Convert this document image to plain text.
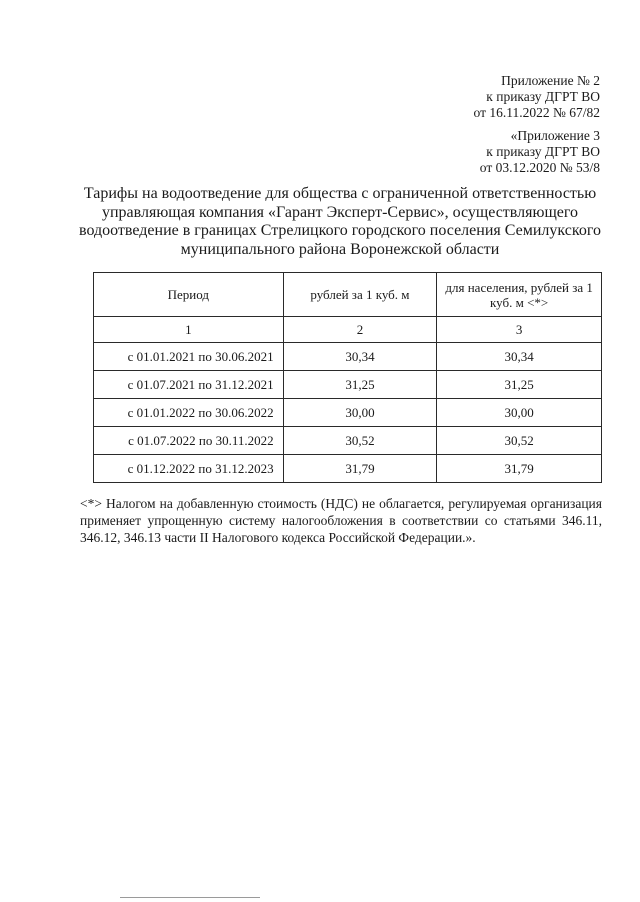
Приложение № 2
к приказу ДГРТ ВО
от 16.11.2022 № 67/82
«Приложение 3
к приказу ДГРТ ВО
от 03.12.2020 № 53/8
Тарифы на водоотведение для общества с ограниченной ответственностью управляющая компания «Гарант Эксперт-Сервис», осуществляющего водоотведение в границах Стрелицкого городского поселения Семилукского муниципального района Воронежской области
Период	рублей за 1 куб. м	для населения, рублей за 1 куб. м <*>
1	2	3
с 01.01.2021 по 30.06.2021	30,34	30,34
с 01.07.2021 по 31.12.2021	31,25	31,25
с 01.01.2022 по 30.06.2022	30,00	30,00
с 01.07.2022 по 30.11.2022	30,52	30,52
с 01.12.2022 по 31.12.2023	31,79	31,79
<*> Налогом на добавленную стоимость (НДС) не облагается, регулируемая организация применяет упрощенную систему налогообложения в соответствии со статьями 346.11, 346.12, 346.13 части II Налогового кодекса Российской Федерации.».
